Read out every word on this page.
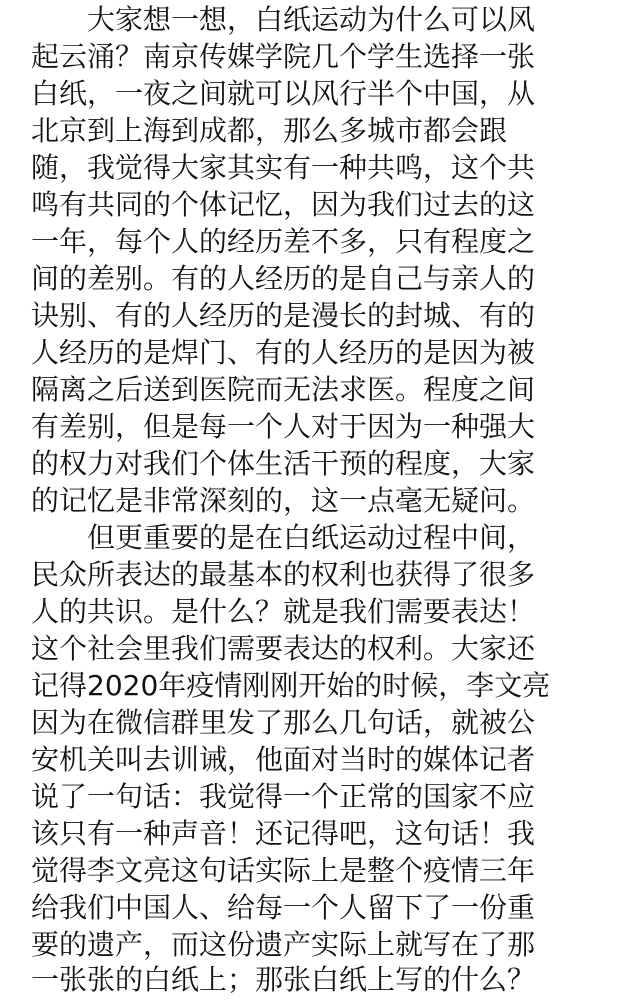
　　大家想一想，白纸运动为什么可以风
起云涌？南京传媒学院几个学生选择一张
白纸，一夜之间就可以风行半个中国，从
北京到上海到成都，那么多城市都会跟
随，我觉得大家其实有一种共鸣，这个共
鸣有共同的个体记忆，因为我们过去的这
一年，每个人的经历差不多，只有程度之
间的差别。有的人经历的是自己与亲人的
诀别、有的人经历的是漫长的封城、有的
人经历的是焊门、有的人经历的是因为被
隔离之后送到医院而无法求医。程度之间
有差别，但是每一个人对于因为一种强大
的权力对我们个体生活干预的程度，大家
的记忆是非常深刻的，这一点毫无疑问。
　　但更重要的是在白纸运动过程中间，
民众所表达的最基本的权利也获得了很多
人的共识。是什么？就是我们需要表达！
这个社会里我们需要表达的权利。大家还
记得2020年疫情刚刚开始的时候，李文亮
因为在微信群里发了那么几句话，就被公
安机关叫去训诫，他面对当时的媒体记者
说了一句话：我觉得一个正常的国家不应
该只有一种声音！还记得吧，这句话！我
觉得李文亮这句话实际上是整个疫情三年
给我们中国人、给每一个人留下了一份重
要的遗产，而这份遗产实际上就写在了那
一张张的白纸上；那张白纸上写的什么？
